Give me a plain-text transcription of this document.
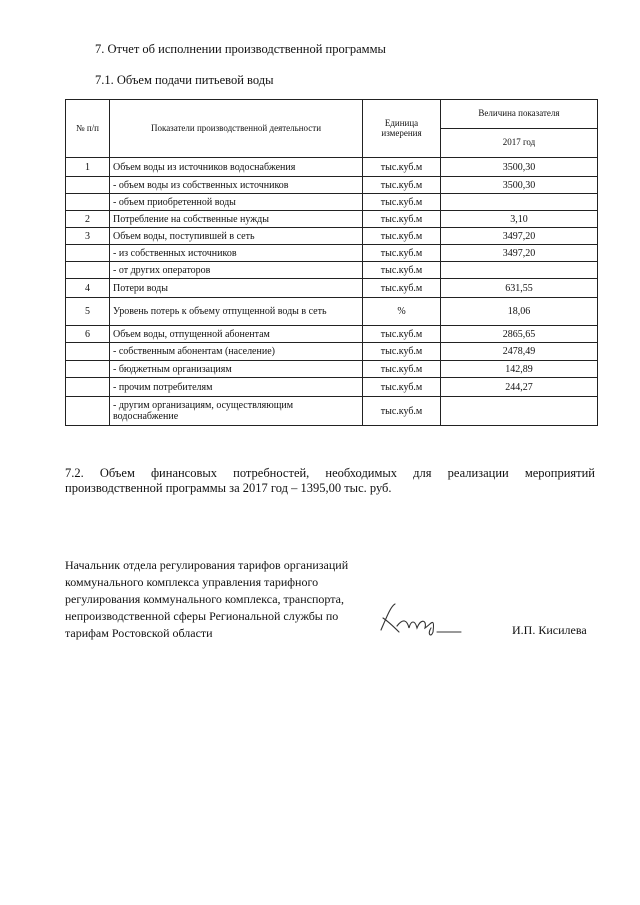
7. Отчет об исполнении производственной программы
7.1. Объем подачи питьевой воды
№ п/п	Показатели производственной деятельности	Единица измерения	Величина показателя
			2017 год
1	Объем воды из источников водоснабжения	тыс.куб.м	3500,30
	- объем воды из собственных источников	тыс.куб.м	3500,30
	- объем приобретенной воды	тыс.куб.м	
2	Потребление на собственные нужды	тыс.куб.м	3,10
3	Объем воды, поступившей в сеть	тыс.куб.м	3497,20
	- из собственных источников	тыс.куб.м	3497,20
	- от других операторов	тыс.куб.м	
4	Потери воды	тыс.куб.м	631,55
5	Уровень потерь к объему отпущенной воды в сеть	%	18,06
6	Объем воды, отпущенной абонентам	тыс.куб.м	2865,65
	- собственным абонентам (население)	тыс.куб.м	2478,49
	- бюджетным организациям	тыс.куб.м	142,89
	- прочим потребителям	тыс.куб.м	244,27
	- другим организациям, осуществляющим водоснабжение	тыс.куб.м	
7.2. Объем финансовых потребностей, необходимых для реализации мероприятий производственной программы за 2017 год – 1395,00 тыс. руб.
Начальник отдела регулирования тарифов организаций коммунального комплекса управления тарифного регулирования коммунального комплекса, транспорта, непроизводственной сферы Региональной службы по тарифам Ростовской области	И.П. Кисилева
